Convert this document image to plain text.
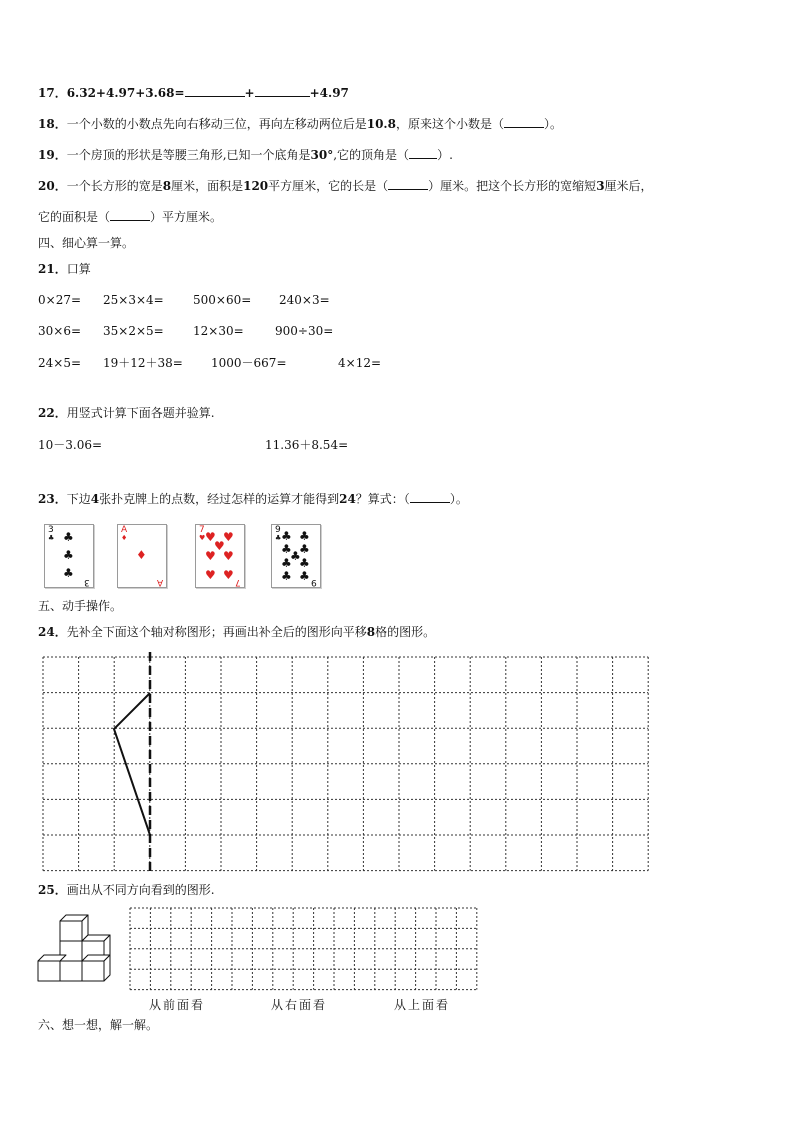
17．6.32+4.97+3.68=	+	+4.97
18．一个小数的小数点先向右移动三位，再向左移动两位后是10.8，原来这个小数是（	）。
19．一个房顶的形状是等腰三角形,已知一个底角是30°,它的顶角是（ ）.
20．一个长方形的宽是8厘米，面积是120平方厘米，它的长是（	）厘米。把这个长方形的宽缩短3厘米后，
它的面积是（	）平方厘米。
四、细心算一算。
21．口算
0×27= 25×3×4= 500×60= 240×3=
30×6= 35×2×5= 12×30=	900÷30=
24×5= 19＋12＋38= 1000－667=	4×12=
22．用竖式计算下面各题并验算.
10－3.06=	11.36＋8.54=
23．下边4张扑克牌上的点数，经过怎样的运算才能得到24？算式：（	）。
3
♣ ♣
♣
♣
3
A
♦
♦
A
7
♥ ♥ ♥
♥
♥ ♥
♥ ♥ 7
9
♣ ♣ ♣
♣ ♣
♣
♣ ♣
♣ ♣ 9
五、动手操作。
24．先补全下面这个轴对称图形；再画出补全后的图形向平移8格的图形。
25．画出从不同方向看到的图形.
从前面看	从右面看	从上面看
六、想一想，解一解。
